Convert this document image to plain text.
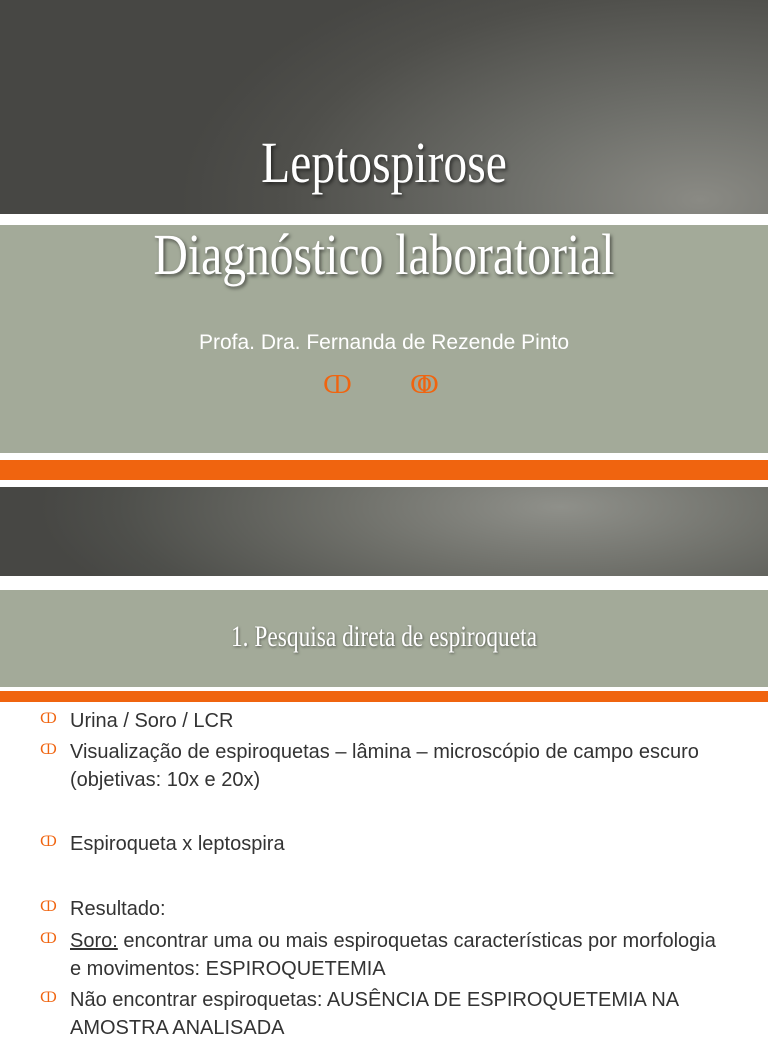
Leptospirose
Diagnóstico laboratorial
Profa. Dra. Fernanda de Rezende Pinto
ↀ ↂ
1. Pesquisa direta de espiroqueta
ↀ Urina / Soro / LCR
ↀ Visualização de espiroquetas – lâmina – microscópio de campo escuro (objetivas: 10x e 20x)
ↀ Espiroqueta x leptospira
ↀ Resultado:
ↀ Soro: encontrar uma ou mais espiroquetas características por morfologia e movimentos: ESPIROQUETEMIA
ↀ Não encontrar espiroquetas: AUSÊNCIA DE ESPIROQUETEMIA NA AMOSTRA ANALISADA
